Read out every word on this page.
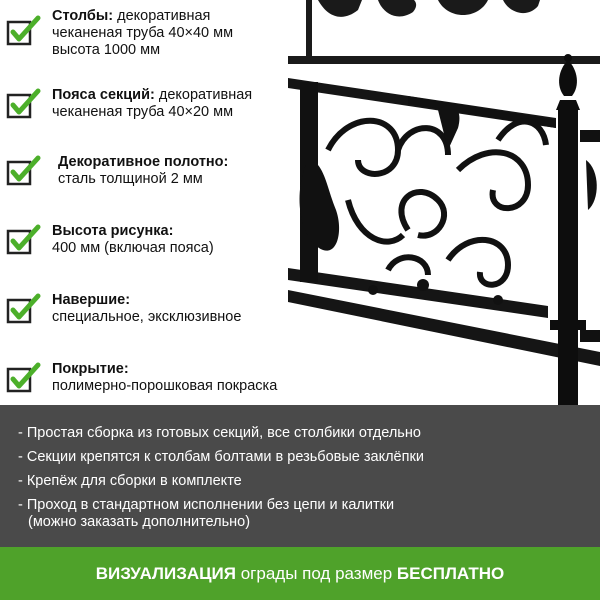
Столбы: декоративная
чеканеная труба 40×40 мм
высота 1000 мм
Пояса секций: декоративная
чеканеная труба 40×20 мм
Декоративное полотно:
сталь толщиной 2 мм
Высота рисунка:
400 мм (включая пояса)
Навершие:
специальное, эксклюзивное
Покрытие:
полимерно-порошковая покраска
- Простая сборка из готовых секций, все столбики отдельно
- Секции крепятся к столбам болтами в резьбовые заклёпки
- Крепёж для сборки в комплекте
- Проход в стандартном исполнении без цепи и калитки
(можно заказать дополнительно)
ВИЗУАЛИЗАЦИЯ ограды под размер БЕСПЛАТНО
